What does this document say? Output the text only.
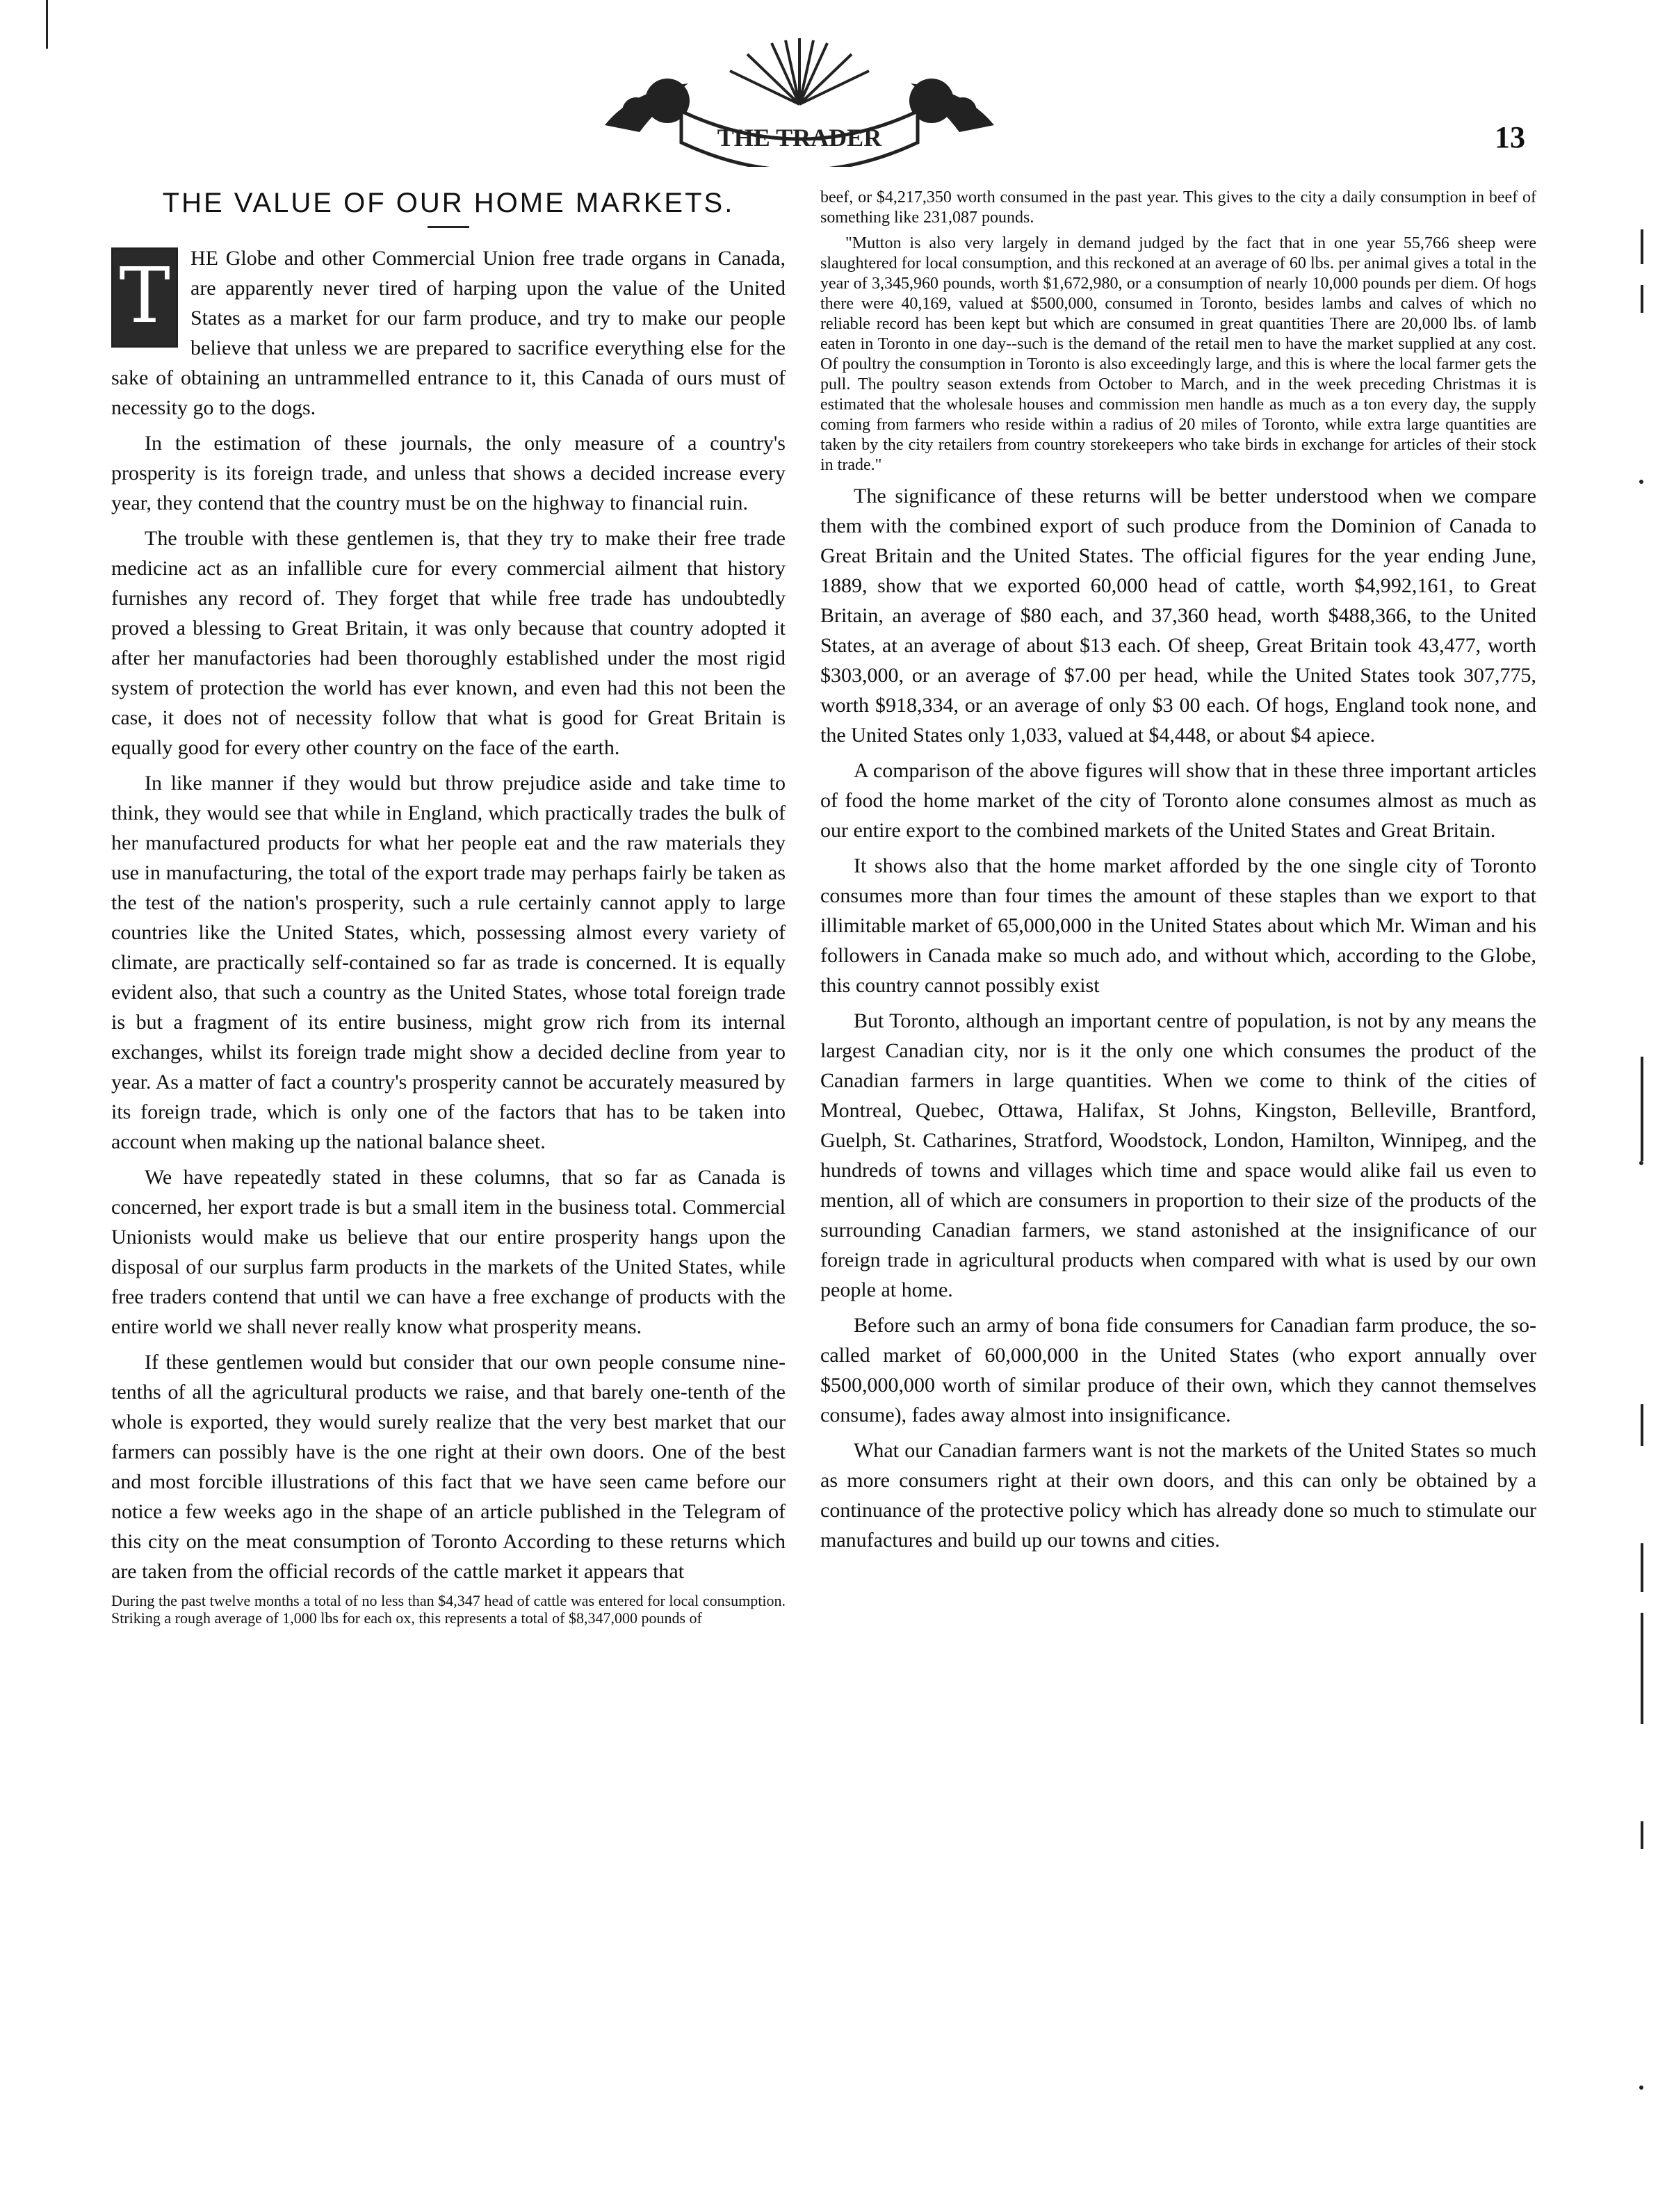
THE TRADER	13
THE VALUE OF OUR HOME MARKETS.

T HE Globe and other Commercial Union free trade organs in Canada, are apparently never tired of harping upon the value of the United States as a market for our farm produce, and try to make our people believe that unless we are prepared to sacrifice everything else for the sake of obtaining an untrammelled entrance to it, this Canada of ours must of necessity go to the dogs.

In the estimation of these journals, the only measure of a country's prosperity is its foreign trade, and unless that shows a decided increase every year, they contend that the country must be on the highway to financial ruin.

The trouble with these gentlemen is, that they try to make their free trade medicine act as an infallible cure for every commercial ailment that history furnishes any record of. They forget that while free trade has undoubtedly proved a blessing to Great Britain, it was only because that country adopted it after her manufactories had been thoroughly established under the most rigid system of protection the world has ever known, and even had this not been the case, it does not of necessity follow that what is good for Great Britain is equally good for every other country on the face of the earth.

In like manner if they would but throw prejudice aside and take time to think, they would see that while in England, which practically trades the bulk of her manufactured products for what her people eat and the raw materials they use in manufacturing, the total of the export trade may perhaps fairly be taken as the test of the nation's prosperity, such a rule certainly cannot apply to large countries like the United States, which, possessing almost every variety of climate, are practically self-contained so far as trade is concerned. It is equally evident also, that such a country as the United States, whose total foreign trade is but a fragment of its entire business, might grow rich from its internal exchanges, whilst its foreign trade might show a decided decline from year to year. As a matter of fact a country's prosperity cannot be accurately measured by its foreign trade, which is only one of the factors that has to be taken into account when making up the national balance sheet.

We have repeatedly stated in these columns, that so far as Canada is concerned, her export trade is but a small item in the business total. Commercial Unionists would make us believe that our entire prosperity hangs upon the disposal of our surplus farm products in the markets of the United States, while free traders contend that until we can have a free exchange of products with the entire world we shall never really know what prosperity means.

If these gentlemen would but consider that our own people consume nine-tenths of all the agricultural products we raise, and that barely one-tenth of the whole is exported, they would surely realize that the very best market that our farmers can possibly have is the one right at their own doors. One of the best and most forcible illustrations of this fact that we have seen came before our notice a few weeks ago in the shape of an article published in the Telegram of this city on the meat consumption of Toronto According to these returns which are taken from the official records of the cattle market it appears that

During the past twelve months a total of no less than $4,347 head of cattle was entered for local consumption. Striking a rough average of 1,000 lbs for each ox, this represents a total of $8,347,000 pounds of

beef, or $4,217,350 worth consumed in the past year. This gives to the city a daily consumption in beef of something like 231,087 pounds.

"Mutton is also very largely in demand judged by the fact that in one year 55,766 sheep were slaughtered for local consumption, and this reckoned at an average of 60 lbs. per animal gives a total in the year of 3,345,960 pounds, worth $1,672,980, or a consumption of nearly 10,000 pounds per diem. Of hogs there were 40,169, valued at $500,000, consumed in Toronto, besides lambs and calves of which no reliable record has been kept but which are consumed in great quantities There are 20,000 lbs. of lamb eaten in Toronto in one day--such is the demand of the retail men to have the market supplied at any cost. Of poultry the consumption in Toronto is also exceedingly large, and this is where the local farmer gets the pull. The poultry season extends from October to March, and in the week preceding Christmas it is estimated that the wholesale houses and commission men handle as much as a ton every day, the supply coming from farmers who reside within a radius of 20 miles of Toronto, while extra large quantities are taken by the city retailers from country storekeepers who take birds in exchange for articles of their stock in trade."

The significance of these returns will be better understood when we compare them with the combined export of such produce from the Dominion of Canada to Great Britain and the United States. The official figures for the year ending June, 1889, show that we exported 60,000 head of cattle, worth $4,992,161, to Great Britain, an average of $80 each, and 37,360 head, worth $488,366, to the United States, at an average of about $13 each. Of sheep, Great Britain took 43,477, worth $303,000, or an average of $7.00 per head, while the United States took 307,775, worth $918,334, or an average of only $3 00 each. Of hogs, England took none, and the United States only 1,033, valued at $4,448, or about $4 apiece.

A comparison of the above figures will show that in these three important articles of food the home market of the city of Toronto alone consumes almost as much as our entire export to the combined markets of the United States and Great Britain.

It shows also that the home market afforded by the one single city of Toronto consumes more than four times the amount of these staples than we export to that illimitable market of 65,000,000 in the United States about which Mr. Wiman and his followers in Canada make so much ado, and without which, according to the Globe, this country cannot possibly exist

But Toronto, although an important centre of population, is not by any means the largest Canadian city, nor is it the only one which consumes the product of the Canadian farmers in large quantities. When we come to think of the cities of Montreal, Quebec, Ottawa, Halifax, St Johns, Kingston, Belleville, Brantford, Guelph, St. Catharines, Stratford, Woodstock, London, Hamilton, Winnipeg, and the hundreds of towns and villages which time and space would alike fail us even to mention, all of which are consumers in proportion to their size of the products of the surrounding Canadian farmers, we stand astonished at the insignificance of our foreign trade in agricultural products when compared with what is used by our own people at home.

Before such an army of bona fide consumers for Canadian farm produce, the so-called market of 60,000,000 in the United States (who export annually over $500,000,000 worth of similar produce of their own, which they cannot themselves consume), fades away almost into insignificance.

What our Canadian farmers want is not the markets of the United States so much as more consumers right at their own doors, and this can only be obtained by a continuance of the protective policy which has already done so much to stimulate our manufactures and build up our towns and cities.
